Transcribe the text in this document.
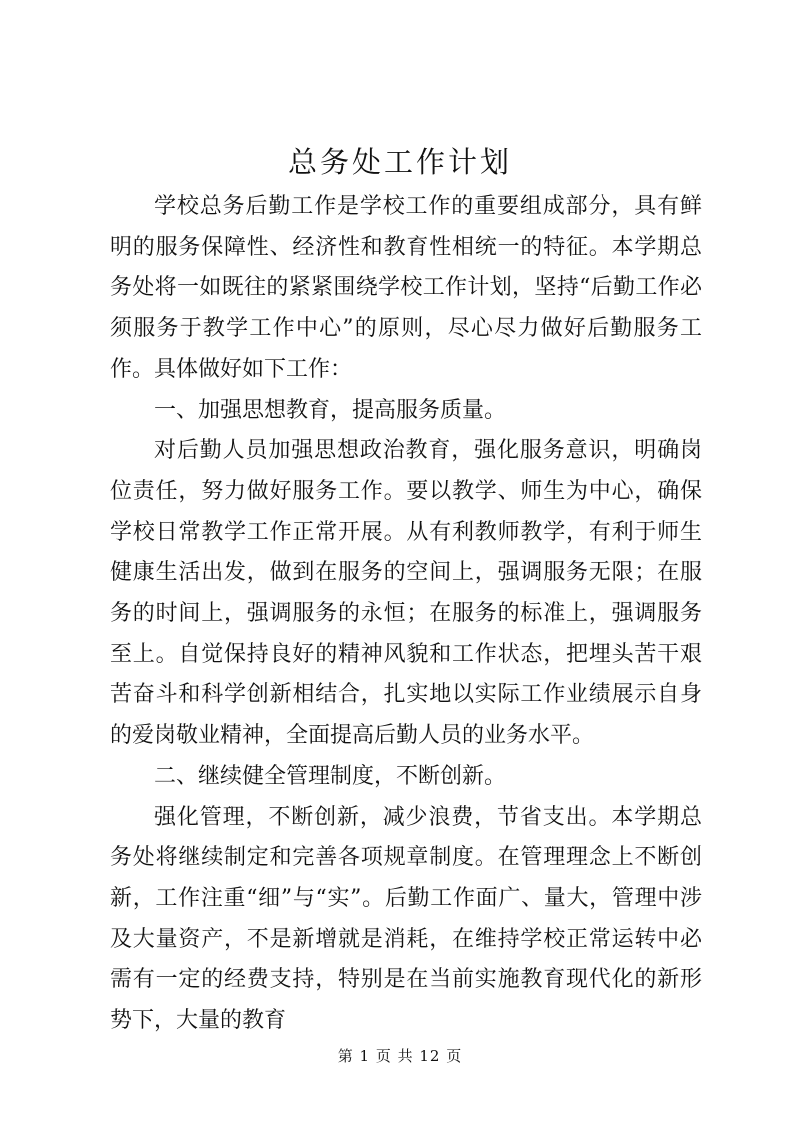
总务处工作计划

学校总务后勤工作是学校工作的重要组成部分，具有鲜明的服务保障性、经济性和教育性相统一的特征。本学期总务处将一如既往的紧紧围绕学校工作计划，坚持“后勤工作必须服务于教学工作中心”的原则，尽心尽力做好后勤服务工作。具体做好如下工作：

一、加强思想教育，提高服务质量。

对后勤人员加强思想政治教育，强化服务意识，明确岗位责任，努力做好服务工作。要以教学、师生为中心，确保学校日常教学工作正常开展。从有利教师教学，有利于师生健康生活出发，做到在服务的空间上，强调服务无限；在服务的时间上，强调服务的永恒；在服务的标准上，强调服务至上。自觉保持良好的精神风貌和工作状态，把埋头苦干艰苦奋斗和科学创新相结合，扎实地以实际工作业绩展示自身的爱岗敬业精神，全面提高后勤人员的业务水平。

二、继续健全管理制度，不断创新。

强化管理，不断创新，减少浪费，节省支出。本学期总务处将继续制定和完善各项规章制度。在管理理念上不断创新，工作注重“细”与“实”。后勤工作面广、量大，管理中涉及大量资产，不是新增就是消耗，在维持学校正常运转中必需有一定的经费支持，特别是在当前实施教育现代化的新形势下，大量的教育

第 1 页 共 12 页
